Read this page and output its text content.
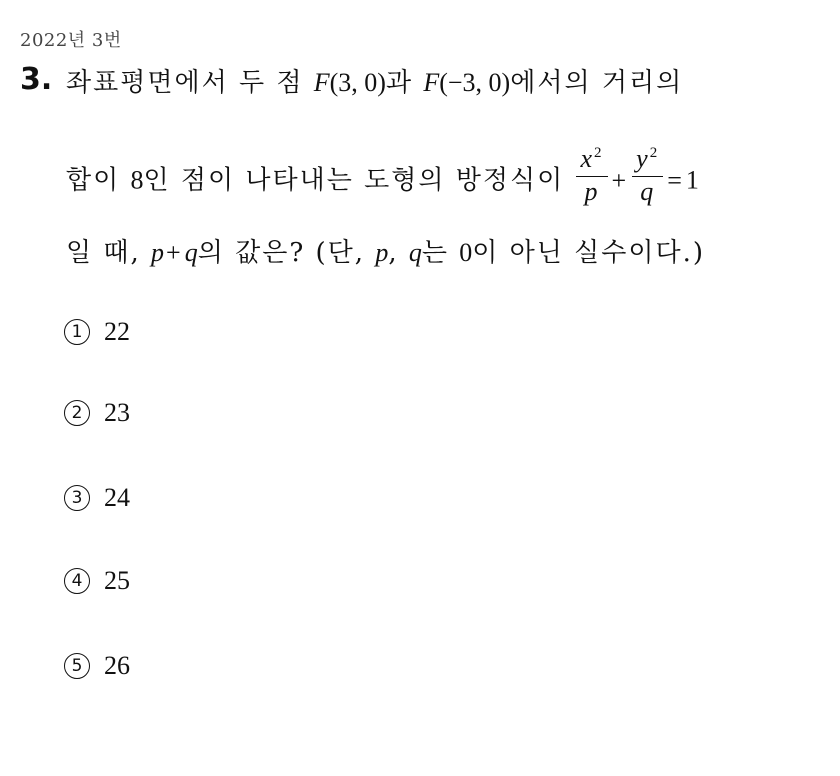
2022년 3번
3. 좌표평면에서 두 점 F(3, 0)과 F(−3, 0)에서의 거리의
합이 8인 점이 나타내는 도형의 방정식이 $\frac{x^2}{p} + \frac{y^2}{q} =1$
일 때, p+q의 값은? (단, p, q는 0이 아닌 실수이다.)
1 22
2 23
3 24
4 25
5 26
